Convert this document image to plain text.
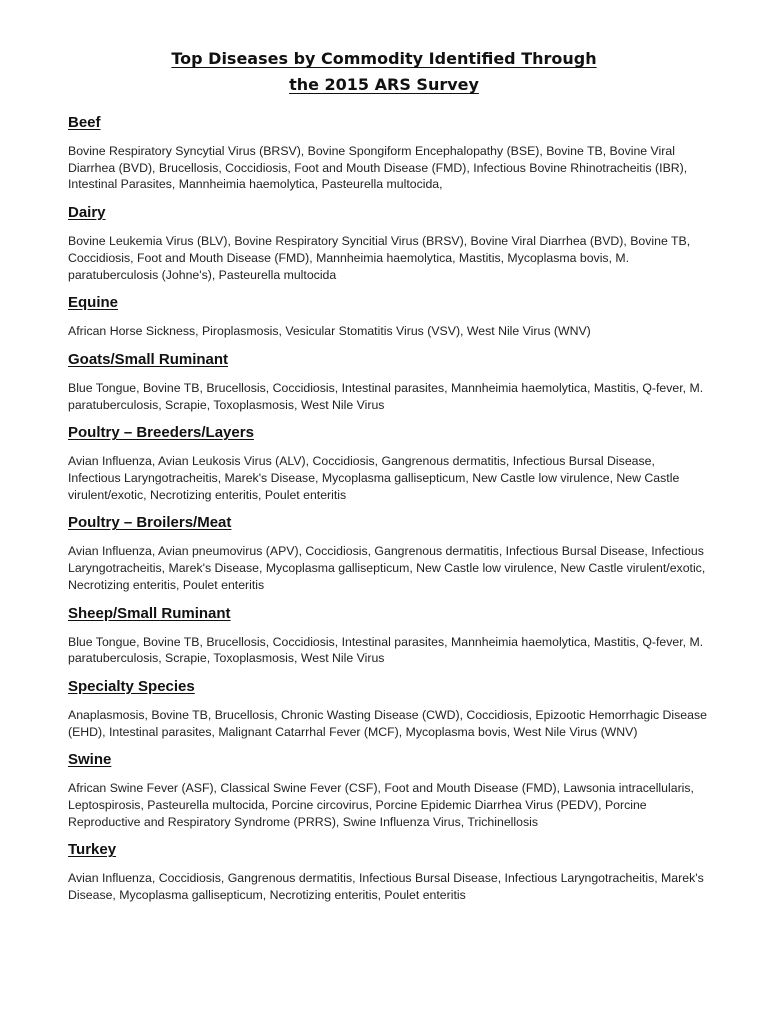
Top Diseases by Commodity Identified Through
the 2015 ARS Survey
Beef
Bovine Respiratory Syncytial Virus (BRSV), Bovine Spongiform Encephalopathy (BSE), Bovine TB, Bovine Viral Diarrhea (BVD), Brucellosis, Coccidiosis, Foot and Mouth Disease (FMD), Infectious Bovine Rhinotracheitis (IBR), Intestinal Parasites, Mannheimia haemolytica, Pasteurella multocida,
Dairy
Bovine Leukemia Virus (BLV), Bovine Respiratory Syncitial Virus (BRSV), Bovine Viral Diarrhea (BVD), Bovine TB, Coccidiosis, Foot and Mouth Disease (FMD), Mannheimia haemolytica, Mastitis, Mycoplasma bovis, M. paratuberculosis (Johne's), Pasteurella multocida
Equine
African Horse Sickness, Piroplasmosis, Vesicular Stomatitis Virus (VSV), West Nile Virus (WNV)
Goats/Small Ruminant
Blue Tongue, Bovine TB, Brucellosis, Coccidiosis, Intestinal parasites, Mannheimia haemolytica, Mastitis, Q-fever, M. paratuberculosis, Scrapie, Toxoplasmosis, West Nile Virus
Poultry – Breeders/Layers
Avian Influenza, Avian Leukosis Virus (ALV), Coccidiosis, Gangrenous dermatitis, Infectious Bursal Disease, Infectious Laryngotracheitis, Marek's Disease, Mycoplasma gallisepticum, New Castle low virulence, New Castle virulent/exotic, Necrotizing enteritis, Poulet enteritis
Poultry – Broilers/Meat
Avian Influenza, Avian pneumovirus (APV), Coccidiosis, Gangrenous dermatitis, Infectious Bursal Disease, Infectious Laryngotracheitis, Marek's Disease, Mycoplasma gallisepticum, New Castle low virulence, New Castle virulent/exotic, Necrotizing enteritis, Poulet enteritis
Sheep/Small Ruminant
Blue Tongue, Bovine TB, Brucellosis, Coccidiosis, Intestinal parasites, Mannheimia haemolytica, Mastitis, Q-fever, M. paratuberculosis, Scrapie, Toxoplasmosis, West Nile Virus
Specialty Species
Anaplasmosis, Bovine TB, Brucellosis, Chronic Wasting Disease (CWD), Coccidiosis, Epizootic Hemorrhagic Disease (EHD), Intestinal parasites, Malignant Catarrhal Fever (MCF), Mycoplasma bovis, West Nile Virus (WNV)
Swine
African Swine Fever (ASF), Classical Swine Fever (CSF), Foot and Mouth Disease (FMD), Lawsonia intracellularis, Leptospirosis, Pasteurella multocida, Porcine circovirus, Porcine Epidemic Diarrhea Virus (PEDV), Porcine Reproductive and Respiratory Syndrome (PRRS), Swine Influenza Virus, Trichinellosis
Turkey
Avian Influenza, Coccidiosis, Gangrenous dermatitis, Infectious Bursal Disease, Infectious Laryngotracheitis, Marek's Disease, Mycoplasma gallisepticum, Necrotizing enteritis, Poulet enteritis
